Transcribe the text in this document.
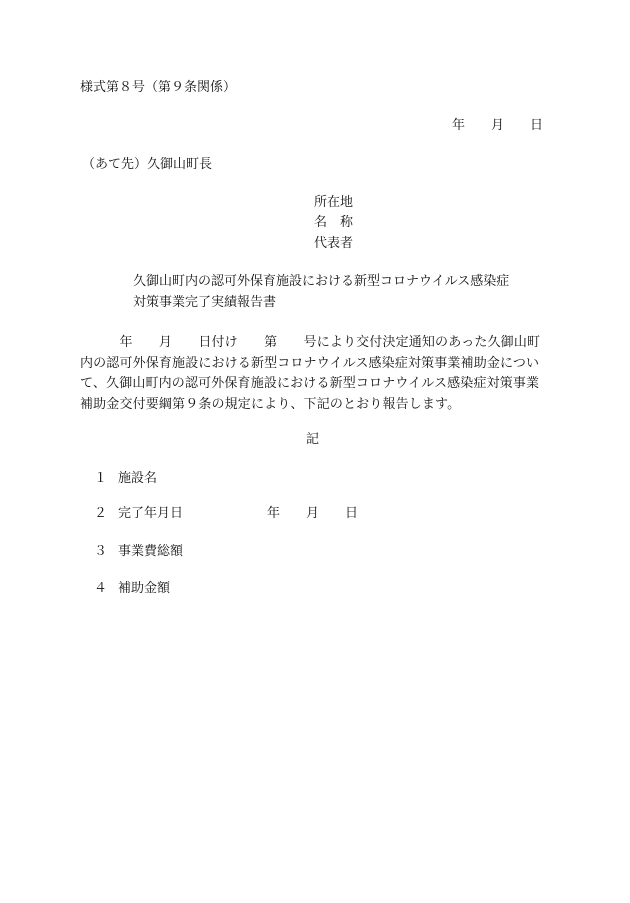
様式第８号（第９条関係）
年 月 日
（あて先）久御山町長
所在地
名　称
代表者
久御山町内の認可外保育施設における新型コロナウイルス感染症
対策事業完了実績報告書
　　　年　　月　　日付け　　第　　号により交付決定通知のあった久御山町内の認可外保育施設における新型コロナウイルス感染症対策事業補助金について、久御山町内の認可外保育施設における新型コロナウイルス感染症対策事業補助金交付要綱第９条の規定により、下記のとおり報告します。
記
１ 施設名
２ 完了年月日	年　　月　　日
３ 事業費総額
４ 補助金額
